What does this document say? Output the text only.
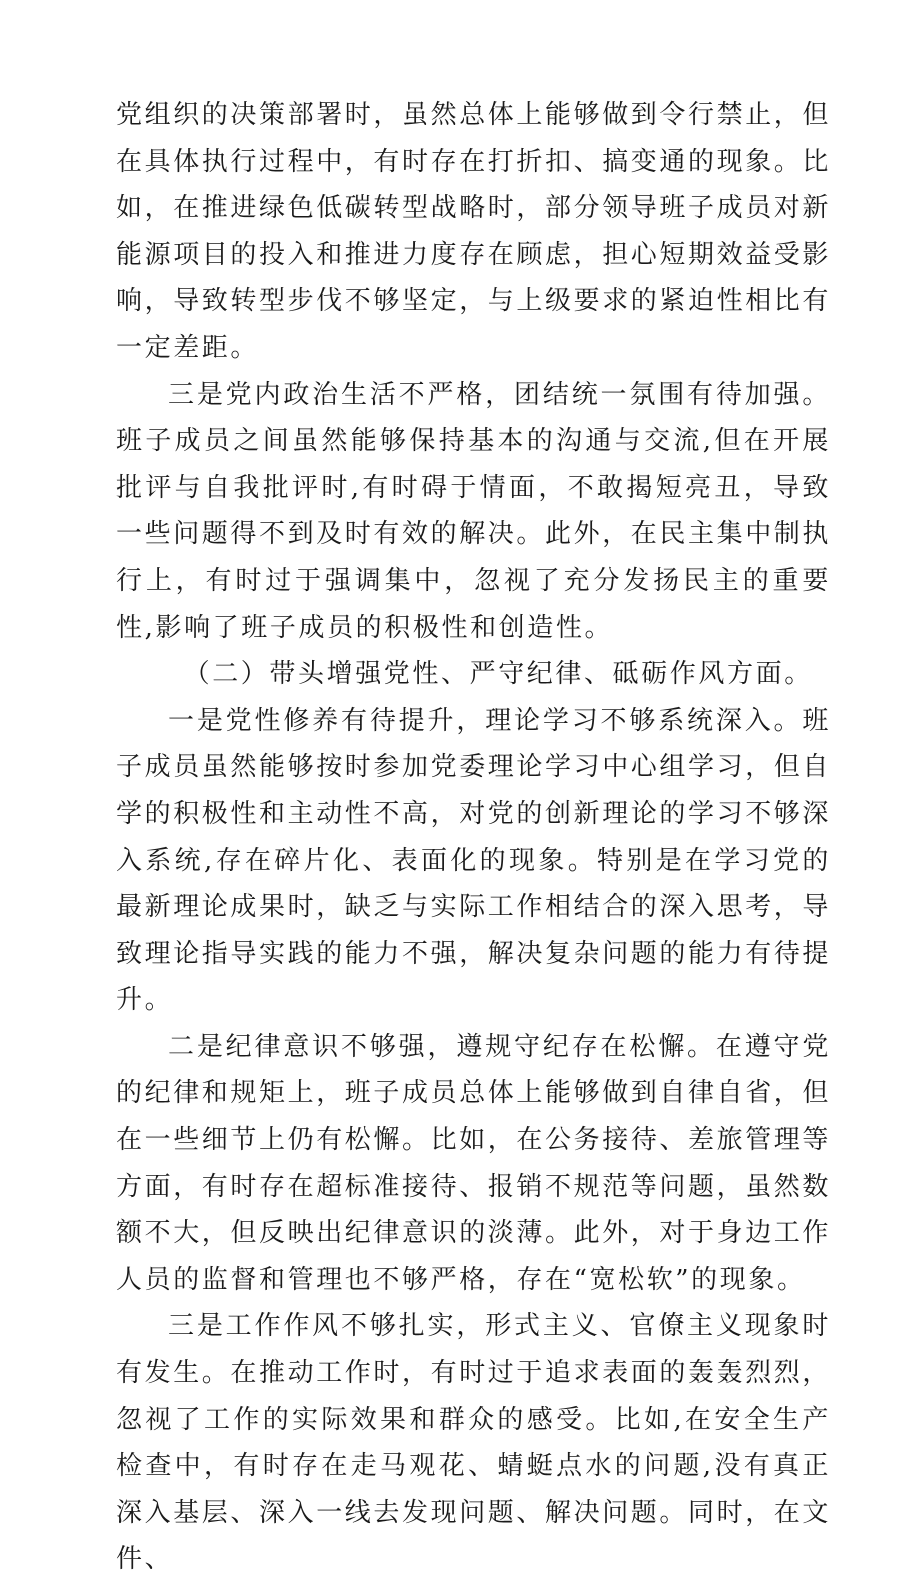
党组织的决策部署时，虽然总体上能够做到令行禁止，但在具体执行过程中，有时存在打折扣、搞变通的现象。比如，在推进绿色低碳转型战略时，部分领导班子成员对新能源项目的投入和推进力度存在顾虑，担心短期效益受影响，导致转型步伐不够坚定，与上级要求的紧迫性相比有一定差距。

三是党内政治生活不严格，团结统一氛围有待加强。班子成员之间虽然能够保持基本的沟通与交流,但在开展批评与自我批评时,有时碍于情面，不敢揭短亮丑，导致一些问题得不到及时有效的解决。此外，在民主集中制执行上，有时过于强调集中，忽视了充分发扬民主的重要性,影响了班子成员的积极性和创造性。

（二）带头增强党性、严守纪律、砥砺作风方面。

一是党性修养有待提升，理论学习不够系统深入。班子成员虽然能够按时参加党委理论学习中心组学习，但自学的积极性和主动性不高，对党的创新理论的学习不够深入系统,存在碎片化、表面化的现象。特别是在学习党的最新理论成果时，缺乏与实际工作相结合的深入思考，导致理论指导实践的能力不强，解决复杂问题的能力有待提升。

二是纪律意识不够强，遵规守纪存在松懈。在遵守党的纪律和规矩上，班子成员总体上能够做到自律自省，但在一些细节上仍有松懈。比如，在公务接待、差旅管理等方面，有时存在超标准接待、报销不规范等问题，虽然数额不大，但反映出纪律意识的淡薄。此外，对于身边工作人员的监督和管理也不够严格，存在“宽松软”的现象。

三是工作作风不够扎实，形式主义、官僚主义现象时有发生。在推动工作时，有时过于追求表面的轰轰烈烈，忽视了工作的实际效果和群众的感受。比如,在安全生产检查中，有时存在走马观花、蜻蜓点水的问题,没有真正深入基层、深入一线去发现问题、解决问题。同时，在文件、
